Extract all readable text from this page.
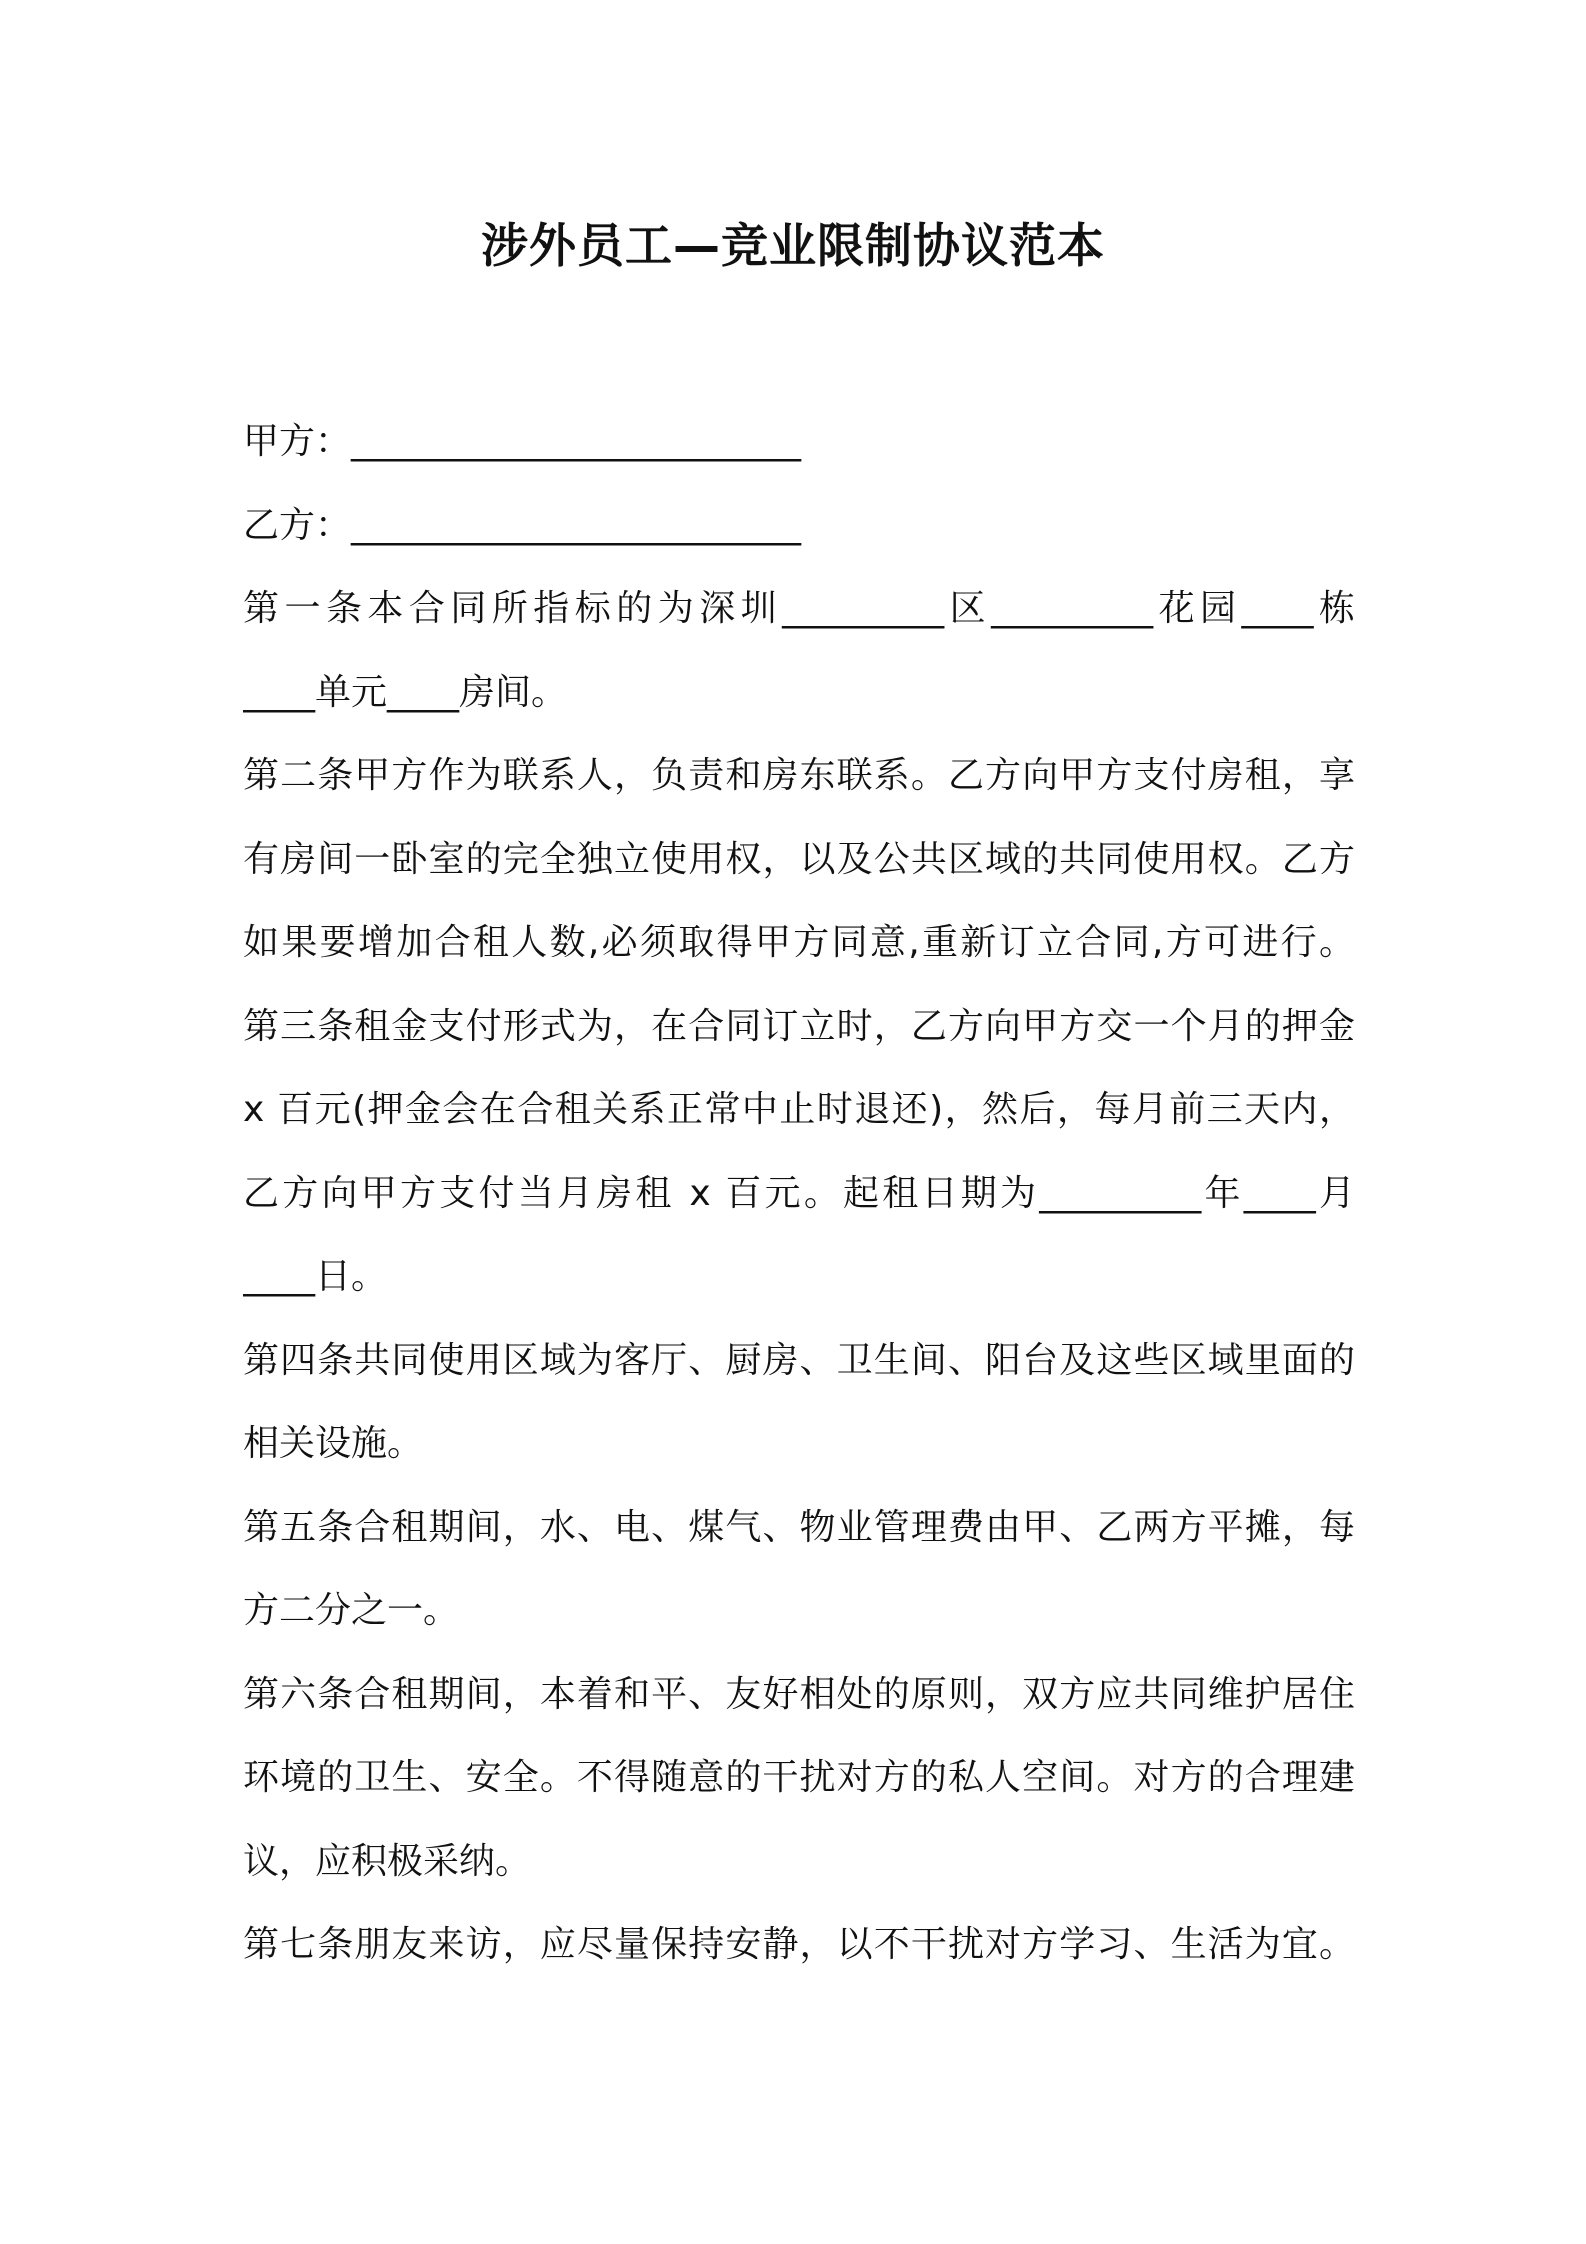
涉外员工—竞业限制协议范本
甲方：_________________________
乙方：_________________________
第一条本合同所指标的为深圳_________区_________花园____栋
____单元____房间。
第二条甲方作为联系人，负责和房东联系。乙方向甲方支付房租，享
有房间一卧室的完全独立使用权，以及公共区域的共同使用权。乙方
如果要增加合租人数,必须取得甲方同意,重新订立合同,方可进行。
第三条租金支付形式为，在合同订立时，乙方向甲方交一个月的押金
x 百元(押金会在合租关系正常中止时退还)，然后，每月前三天内，
乙方向甲方支付当月房租 x 百元。起租日期为_________年____月
____日。
第四条共同使用区域为客厅、厨房、卫生间、阳台及这些区域里面的
相关设施。
第五条合租期间，水、电、煤气、物业管理费由甲、乙两方平摊，每
方二分之一。
第六条合租期间，本着和平、友好相处的原则，双方应共同维护居住
环境的卫生、安全。不得随意的干扰对方的私人空间。对方的合理建
议，应积极采纳。
第七条朋友来访，应尽量保持安静，以不干扰对方学习、生活为宜。
